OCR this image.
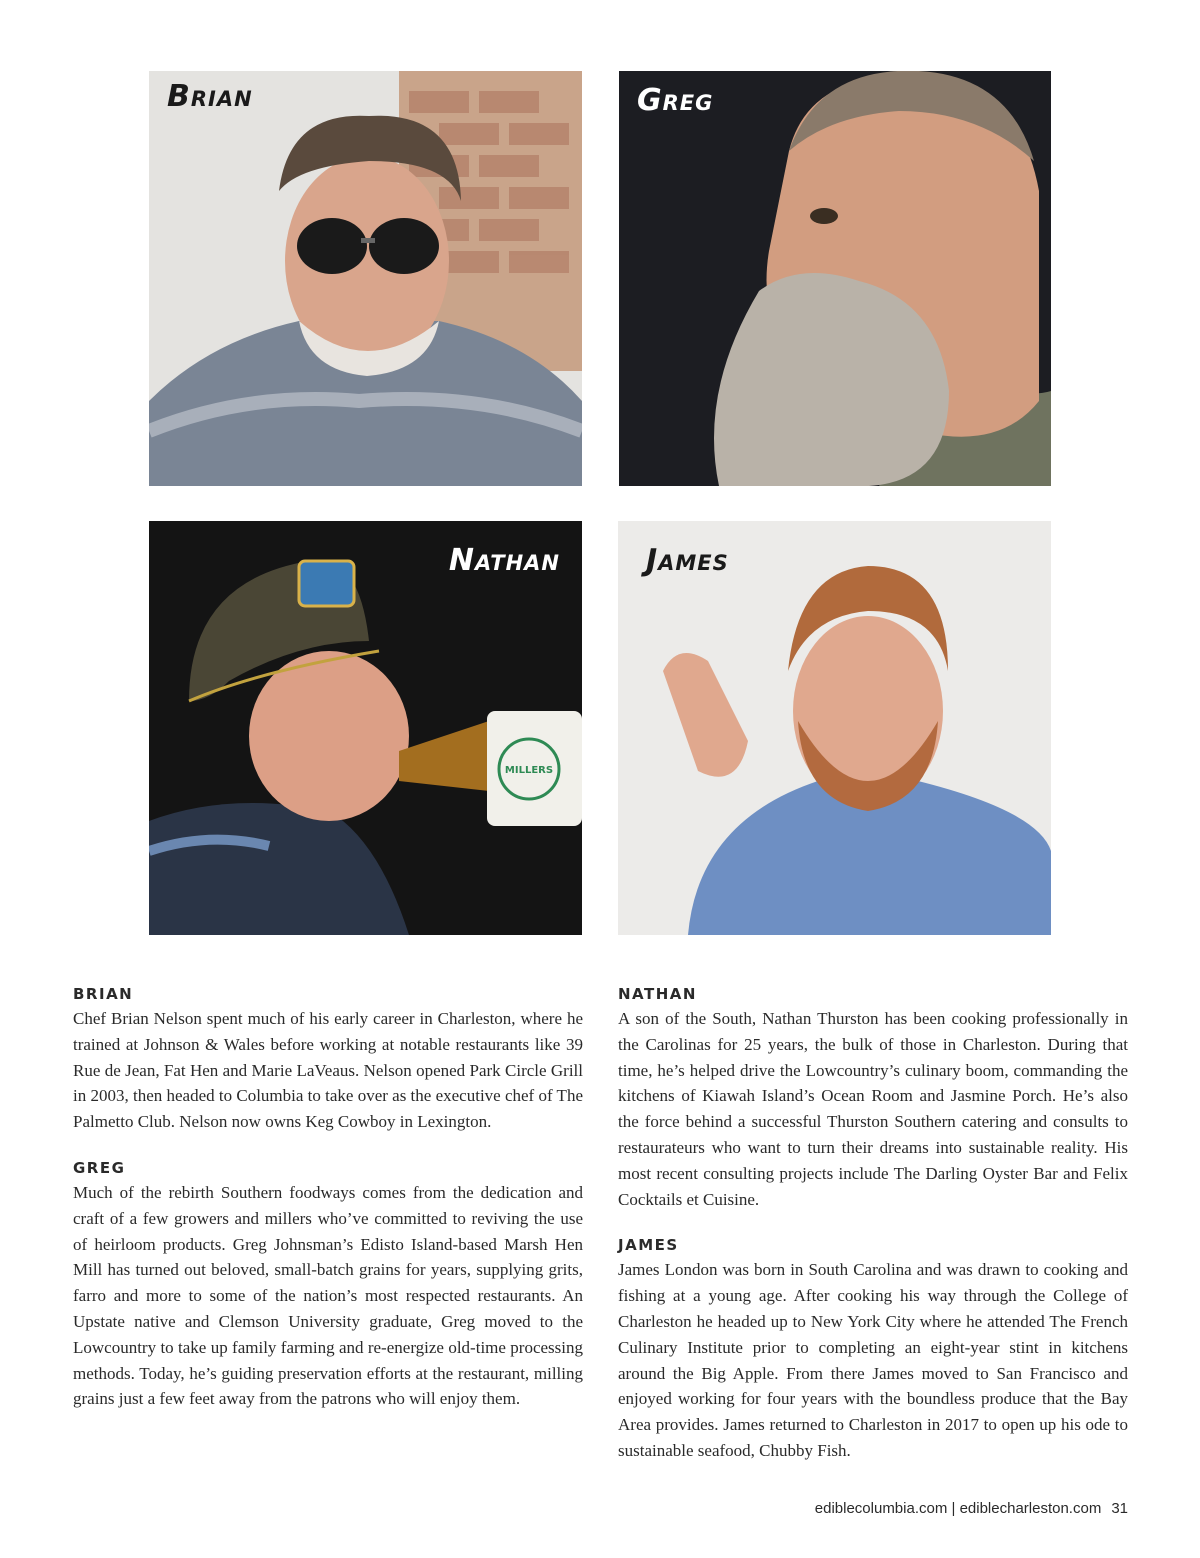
Brian	Greg
MILLERS
Nathan	James
BRIAN

Chef Brian Nelson spent much of his early career in Charleston, where he trained at Johnson & Wales before working at notable restaurants like 39 Rue de Jean, Fat Hen and Marie LaVeaus. Nelson opened Park Circle Grill in 2003, then headed to Columbia to take over as the executive chef of The Palmetto Club. Nelson now owns Keg Cowboy in Lexington.

GREG

Much of the rebirth Southern foodways comes from the dedication and craft of a few growers and millers who’ve committed to reviving the use of heirloom products. Greg Johnsman’s Edisto Island-based Marsh Hen Mill has turned out beloved, small-batch grains for years, supplying grits, farro and more to some of the nation’s most respected restaurants. An Upstate native and Clemson University graduate, Greg moved to the Lowcountry to take up family farming and re-energize old-time processing methods. Today, he’s guiding preservation efforts at the restaurant, milling grains just a few feet away from the patrons who will enjoy them.

NATHAN

A son of the South, Nathan Thurston has been cooking professionally in the Carolinas for 25 years, the bulk of those in Charleston. During that time, he’s helped drive the Lowcountry’s culinary boom, commanding the kitchens of Kiawah Island’s Ocean Room and Jasmine Porch. He’s also the force behind a successful Thurston Southern catering and consults to restaurateurs who want to turn their dreams into sustainable reality. His most recent consulting projects include The Darling Oyster Bar and Felix Cocktails et Cuisine.

JAMES

James London was born in South Carolina and was drawn to cooking and fishing at a young age. After cooking his way through the College of Charleston he headed up to New York City where he attended The French Culinary Institute prior to completing an eight-year stint in kitchens around the Big Apple. From there James moved to San Francisco and enjoyed working for four years with the boundless produce that the Bay Area provides. James returned to Charleston in 2017 to open up his ode to sustainable seafood, Chubby Fish.

ediblecolumbia.com | ediblecharleston.com 31
